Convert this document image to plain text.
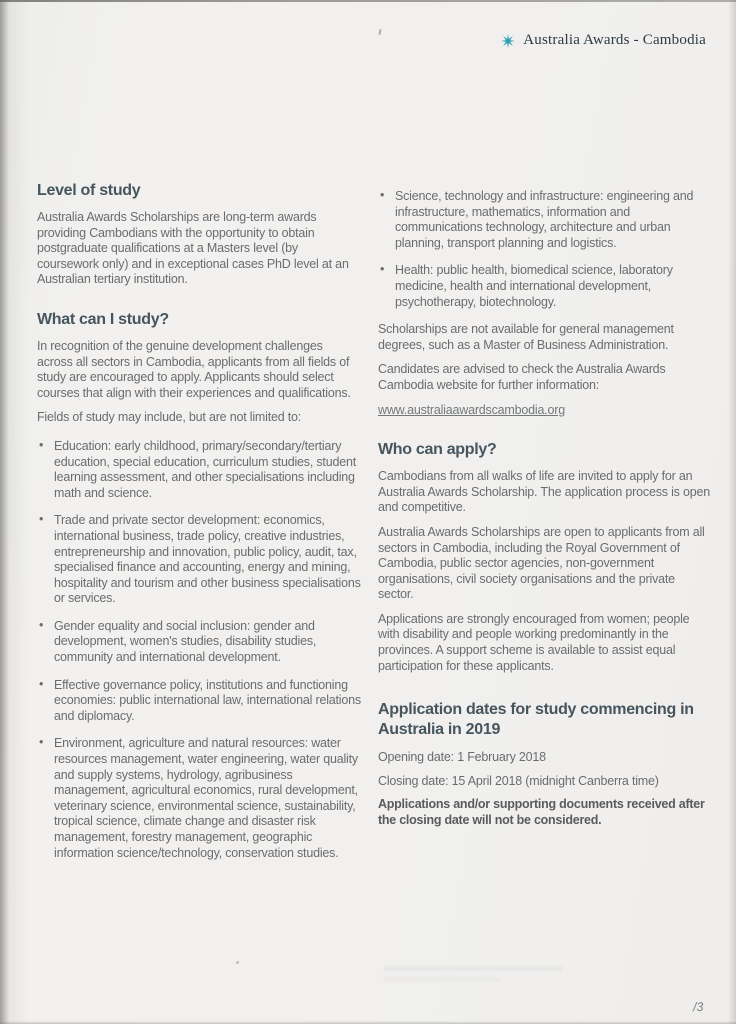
Australia Awards - Cambodia
Level of study

Australia Awards Scholarships are long-term awards providing Cambodians with the opportunity to obtain postgraduate qualifications at a Masters level (by coursework only) and in exceptional cases PhD level at an Australian tertiary institution.

What can I study?

In recognition of the genuine development challenges across all sectors in Cambodia, applicants from all fields of study are encouraged to apply. Applicants should select courses that align with their experiences and qualifications.

Fields of study may include, but are not limited to:

• Education: early childhood, primary/secondary/tertiary education, special education, curriculum studies, student learning assessment, and other specialisations including math and science.
• Trade and private sector development: economics, international business, trade policy, creative industries, entrepreneurship and innovation, public policy, audit, tax, specialised finance and accounting, energy and mining, hospitality and tourism and other business specialisations or services.
• Gender equality and social inclusion: gender and development, women's studies, disability studies, community and international development.
• Effective governance policy, institutions and functioning economies: public international law, international relations and diplomacy.
• Environment, agriculture and natural resources: water resources management, water engineering, water quality and supply systems, hydrology, agribusiness management, agricultural economics, rural development, veterinary science, environmental science, sustainability, tropical science, climate change and disaster risk management, forestry management, geographic information science/technology, conservation studies.
• Science, technology and infrastructure: engineering and infrastructure, mathematics, information and communications technology, architecture and urban planning, transport planning and logistics.
• Health: public health, biomedical science, laboratory medicine, health and international development, psychotherapy, biotechnology.

Scholarships are not available for general management degrees, such as a Master of Business Administration.

Candidates are advised to check the Australia Awards Cambodia website for further information:

www.australiaawardscambodia.org

Who can apply?

Cambodians from all walks of life are invited to apply for an Australia Awards Scholarship. The application process is open and competitive.

Australia Awards Scholarships are open to applicants from all sectors in Cambodia, including the Royal Government of Cambodia, public sector agencies, non-government organisations, civil society organisations and the private sector.

Applications are strongly encouraged from women; people with disability and people working predominantly in the provinces. A support scheme is available to assist equal participation for these applicants.

Application dates for study commencing in Australia in 2019

Opening date: 1 February 2018

Closing date: 15 April 2018 (midnight Canberra time)

Applications and/or supporting documents received after the closing date will not be considered.

/3
